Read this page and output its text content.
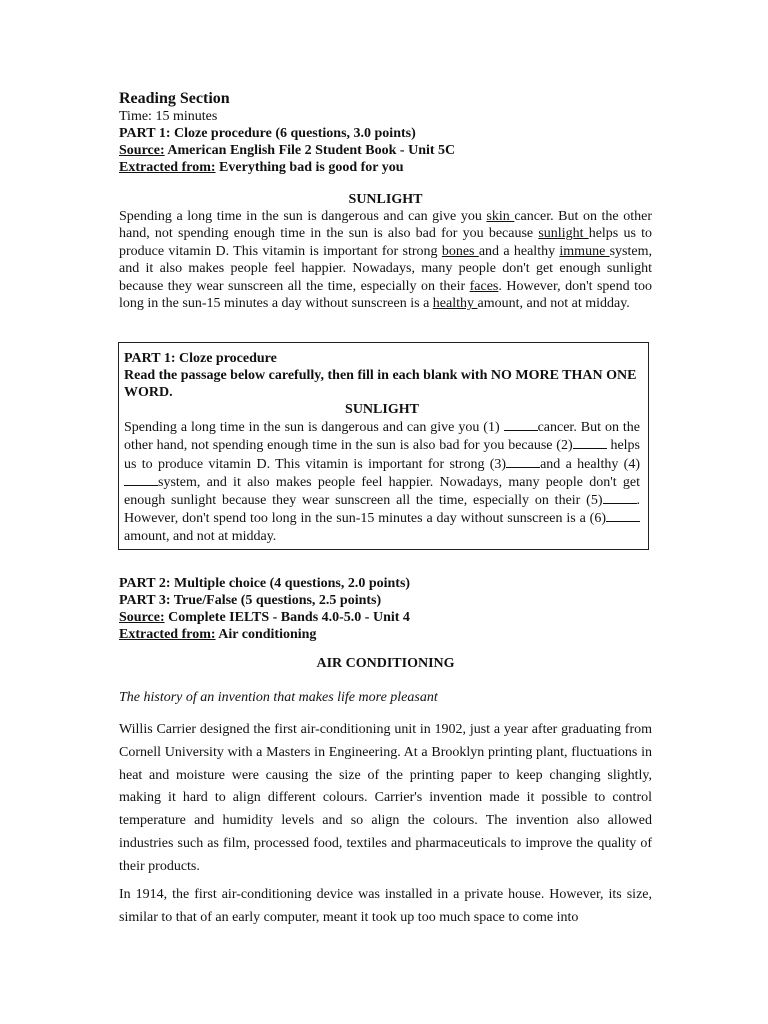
Reading Section
Time: 15 minutes
PART 1: Cloze procedure (6 questions, 3.0 points)
Source: American English File 2 Student Book - Unit 5C
Extracted from: Everything bad is good for you
SUNLIGHT
Spending a long time in the sun is dangerous and can give you skin cancer. But on the other hand, not spending enough time in the sun is also bad for you because sunlight helps us to produce vitamin D. This vitamin is important for strong bones and a healthy immune system, and it also makes people feel happier. Nowadays, many people don't get enough sunlight because they wear sunscreen all the time, especially on their faces. However, don't spend too long in the sun-15 minutes a day without sunscreen is a healthy amount, and not at midday.
PART 1: Cloze procedure
Read the passage below carefully, then fill in each blank with NO MORE THAN ONE WORD.
SUNLIGHT
Spending a long time in the sun is dangerous and can give you (1) cancer. But on the other hand, not spending enough time in the sun is also bad for you because (2) helps us to produce vitamin D. This vitamin is important for strong (3) and a healthy (4)system, and it also makes people feel happier. Nowadays, many people don't get enough sunlight because they wear sunscreen all the time, especially on their (5) . However, don't spend too long in the sun-15 minutes a day without sunscreen is a (6) amount, and not at midday.
PART 2: Multiple choice (4 questions, 2.0 points)
PART 3: True/False (5 questions, 2.5 points)
Source: Complete IELTS - Bands 4.0-5.0 - Unit 4
Extracted from: Air conditioning
AIR CONDITIONING
The history of an invention that makes life more pleasant
Willis Carrier designed the first air-conditioning unit in 1902, just a year after graduating from Cornell University with a Masters in Engineering. At a Brooklyn printing plant, fluctuations in heat and moisture were causing the size of the printing paper to keep changing slightly, making it hard to align different colours. Carrier's invention made it possible to control temperature and humidity levels and so align the colours. The invention also allowed industries such as film, processed food, textiles and pharmaceuticals to improve the quality of their products.
In 1914, the first air-conditioning device was installed in a private house. However, its size, similar to that of an early computer, meant it took up too much space to come into
